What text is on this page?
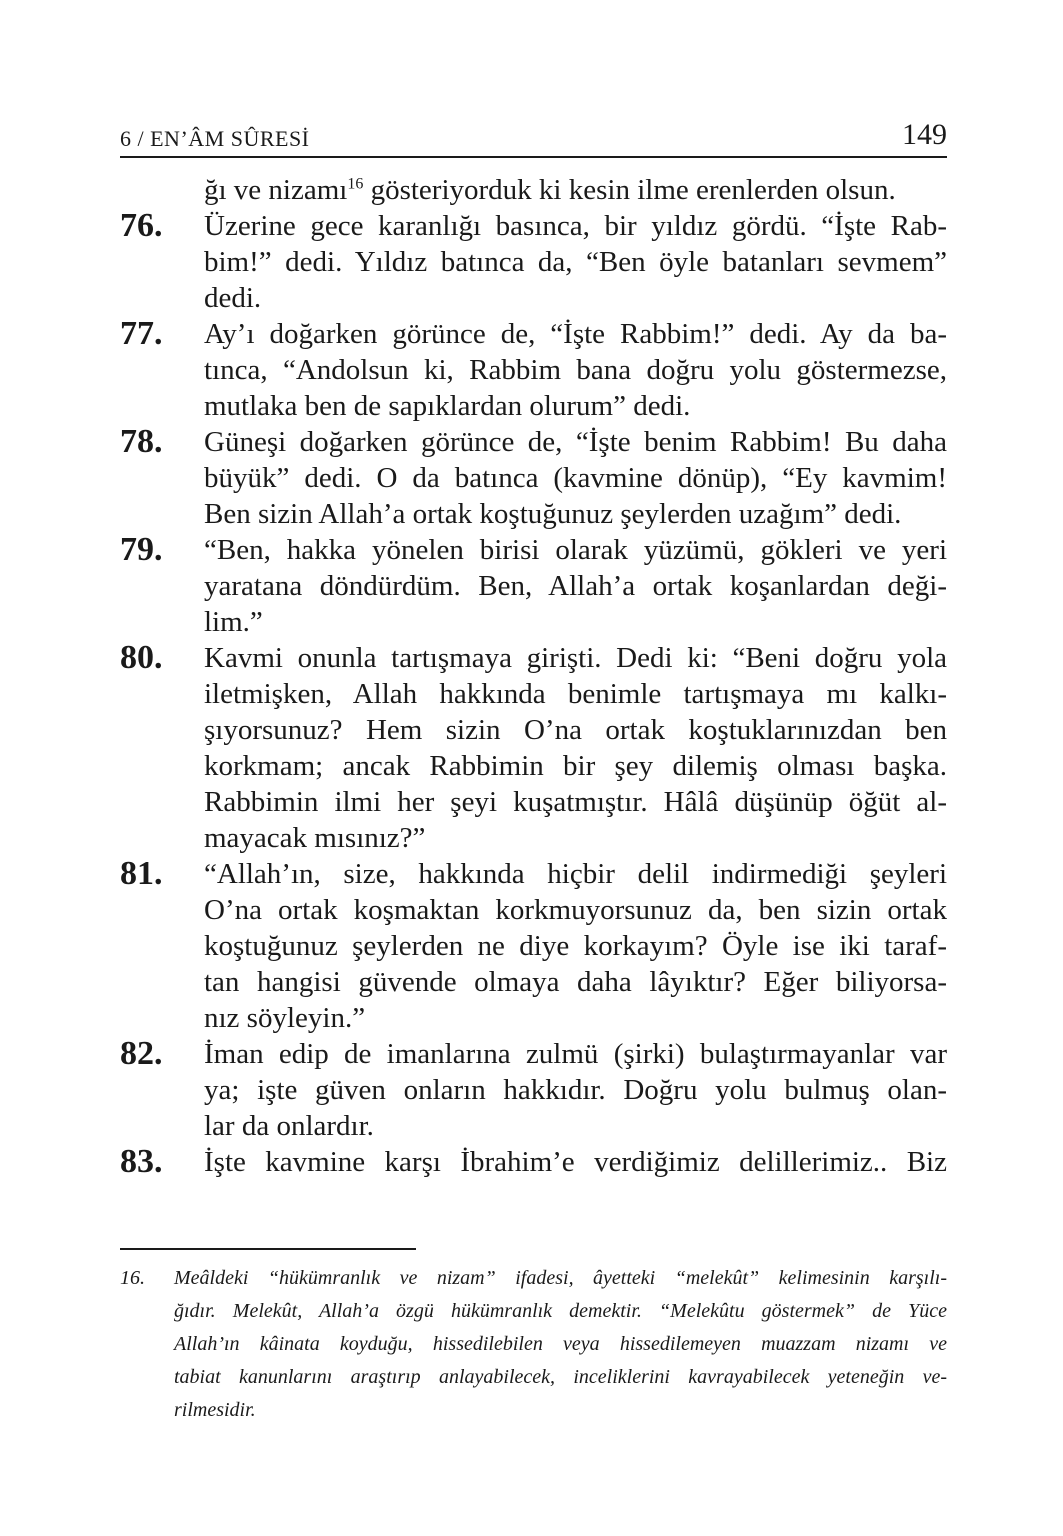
6 / EN’ÂM SÛRESİ	149

ğı ve nizamı$^{16}$ gösteriyorduk ki kesin ilme erenlerden olsun.

76. Üzerine gece karanlığı basınca, bir yıldız gördü. “İşte Rab-
bim!” dedi. Yıldız batınca da, “Ben öyle batanları sevmem”
dedi.
77. Ay’ı doğarken görünce de, “İşte Rabbim!” dedi. Ay da ba-
tınca, “Andolsun ki, Rabbim bana doğru yolu göstermezse,
mutlaka ben de sapıklardan olurum” dedi.
78. Güneşi doğarken görünce de, “İşte benim Rabbim! Bu daha
büyük” dedi. O da batınca (kavmine dönüp), “Ey kavmim!
Ben sizin Allah’a ortak koştuğunuz şeylerden uzağım” dedi.
79. “Ben, hakka yönelen birisi olarak yüzümü, gökleri ve yeri
yaratana döndürdüm. Ben, Allah’a ortak koşanlardan deği-
lim.”
80. Kavmi onunla tartışmaya girişti. Dedi ki: “Beni doğru yola
iletmişken, Allah hakkında benimle tartışmaya mı kalkı-
şıyorsunuz? Hem sizin O’na ortak koştuklarınızdan ben
korkmam; ancak Rabbimin bir şey dilemiş olması başka.
Rabbimin ilmi her şeyi kuşatmıştır. Hâlâ düşünüp öğüt al-
mayacak mısınız?”
81. “Allah’ın, size, hakkında hiçbir delil indirmediği şeyleri
O’na ortak koşmaktan korkmuyorsunuz da, ben sizin ortak
koştuğunuz şeylerden ne diye korkayım? Öyle ise iki taraf-
tan hangisi güvende olmaya daha lâyıktır? Eğer biliyorsa-
nız söyleyin.”
82. İman edip de imanlarına zulmü (şirki) bulaştırmayanlar var
ya; işte güven onların hakkıdır. Doğru yolu bulmuş olan-
lar da onlardır.
83. İşte kavmine karşı İbrahim’e verdiğimiz delillerimiz.. Biz
16. Meâldeki “hükümranlık ve nizam” ifadesi, âyetteki “melekût” kelimesinin karşılı-
ğıdır. Melekût, Allah’a özgü hükümranlık demektir. “Melekûtu göstermek” de Yüce
Allah’ın kâinata koyduğu, hissedilebilen veya hissedilemeyen muazzam nizamı ve
tabiat kanunlarını araştırıp anlayabilecek, inceliklerini kavrayabilecek yeteneğin ve-
rilmesidir.
